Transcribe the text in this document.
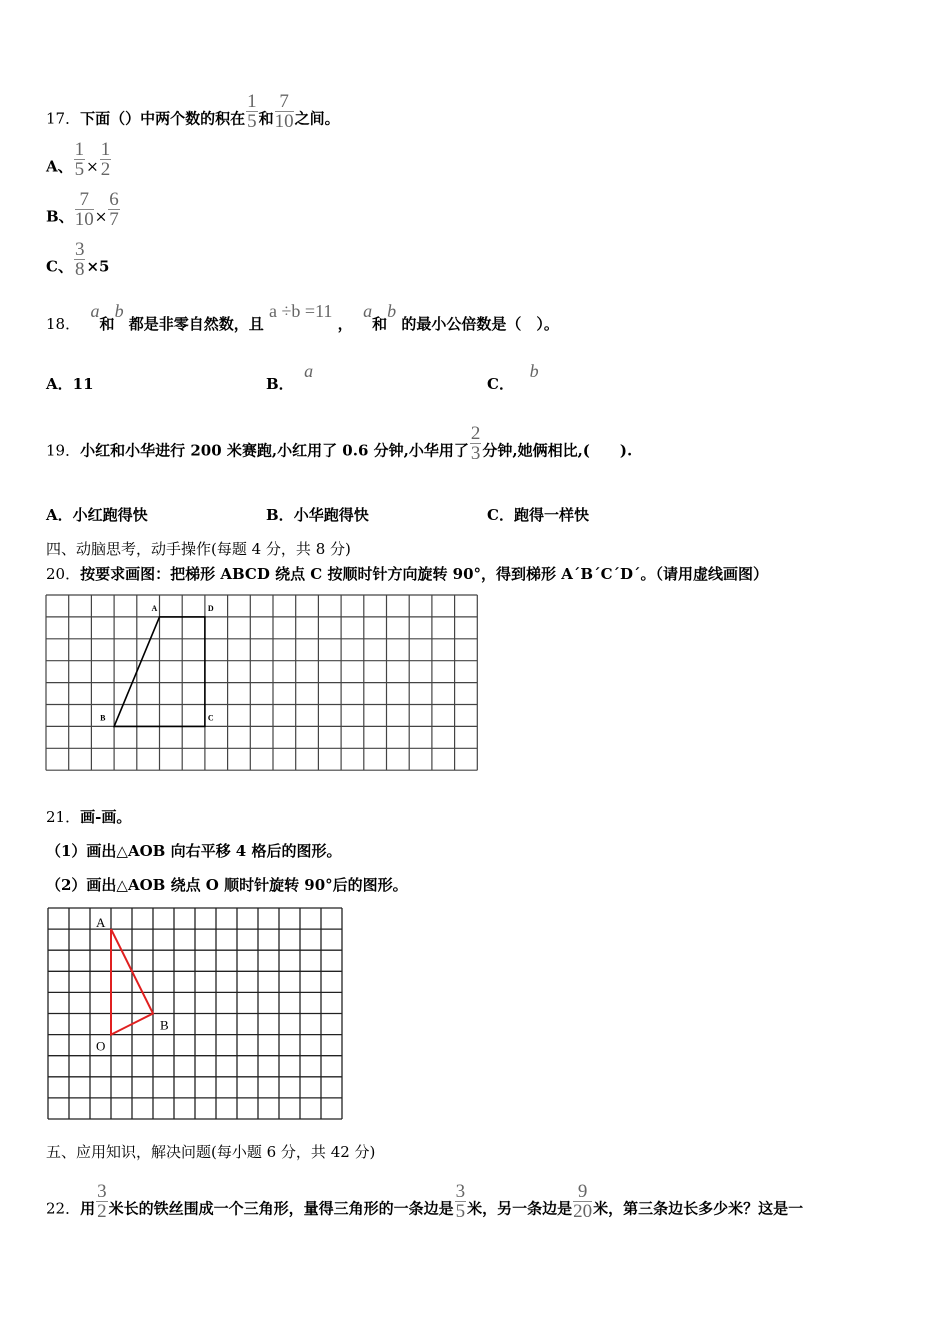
17．下面（）中两个数的积在 $\frac{1}{5}$ 和 $\frac{7}{10}$ 之间。
A、 $\frac{1}{5} \times \frac{1}{2}$
B、 $\frac{7}{10} \times \frac{6}{7}$
C、 $\frac{3}{8} \times 5$
18．  a和b 都是非零自然数，且 a ÷b =11 ，  a和b 的最小公倍数是（　）。
A．11	B．  a
C．   b
19．小红和小华进行 200 米赛跑,小红用了 0.6 分钟,小华用了 $\frac{2}{3}$ 分钟,她俩相比,(　　).
A．小红跑得快	B．小华跑得快	C．跑得一样快
四、动脑思考，动手操作(每题 4 分，共 8 分)
20．按要求画图：把梯形 ABCD 绕点 C 按顺时针方向旋转 90°，得到梯形 A´B´C´D´。（请用虚线画图）
21．画-画。
（1）画出△AOB 向右平移 4 格后的图形。
（2）画出△AOB 绕点 O 顺时针旋转 90°后的图形。
五、应用知识，解决问题(每小题 6 分，共 42 分)
22．用 $\frac{3}{2}$ 米长的铁丝围成一个三角形，量得三角形的一条边是 $\frac{3}{5}$ 米，另一条边是 $\frac{9}{20}$ 米，第三条边长多少米？这是一
A	D
C
B
A
B
O
